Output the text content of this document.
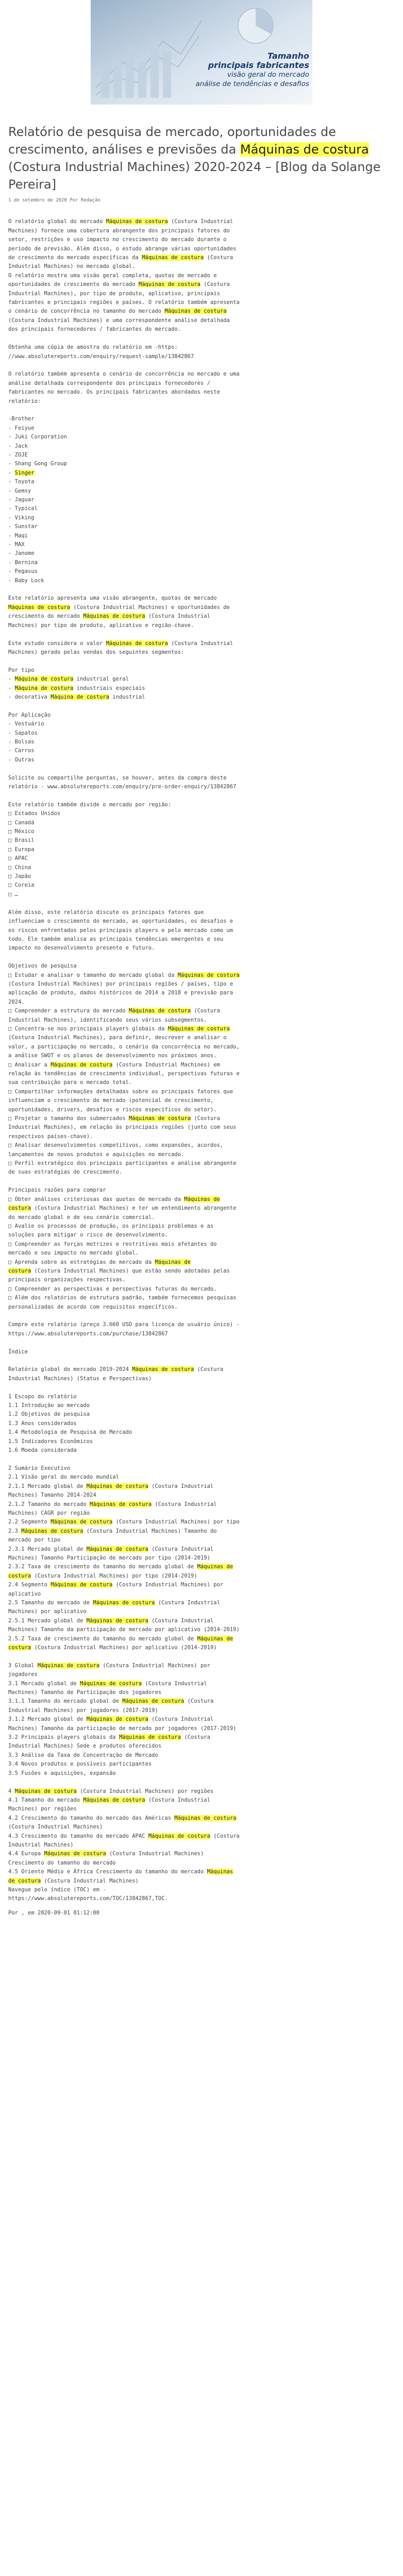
Tamanho
principais fabricantes
visão geral do mercado
análise de tendências e desafios
Relatório de pesquisa de mercado, oportunidades de crescimento, análises e previsões da Máquinas de costura (Costura Industrial Machines) 2020-2024 – [Blog da Solange Pereira]
1 de setembro de 2020 Por Redação
O relatório global do mercado Máquinas de costura (Costura Industrial
Machines) fornece uma cobertura abrangente dos principais fatores do
setor, restrições e uso impacto no crescimento do mercado durante o
período de previsão. Além disso, o estudo abrange várias oportunidades
de crescimento do mercado específicas da Máquinas de costura (Costura
Industrial Machines) no mercado global.
O relatório mostra uma visão geral completa, quotas de mercado e
oportunidades de crescimento do mercado Máquinas de costura (Costura
Industrial Machines), por tipo de produto, aplicativo, principais
fabricantes e principais regiões e países. O relatório também apresenta
o cenário de concorrência no tamanho do mercado Máquinas de costura
(Costura Industrial Machines) e uma correspondente análise detalhada
dos principais fornecedores / fabricantes do mercado.

Obtenha uma cópia de amostra do relatório em -https:
//www.absolutereports.com/enquiry/request-sample/13842867

O relatório também apresenta o cenário de concorrência no mercado e uma
análise detalhada correspondente dos principais fornecedores /
fabricantes no mercado. Os principais fabricantes abordados neste
relatório:

-Brother
- Feiyue
- Juki Corporation
- Jack
- ZOJE
- Shang Gong Group
- Singer
- Toyota
- Gemsy
- Jaguar
- Typical
- Viking
- Sunstar
- Maqi
- MAX
- Janome
- Bernina
- Pegasus
- Baby Lock

Este relatório apresenta uma visão abrangente, quotas de mercado
Máquinas de costura (Costura Industrial Machines) e oportunidades de
crescimento do mercado Máquinas de costura (Costura Industrial
Machines) por tipo de produto, aplicativo e região-chave.

Este estudo considera o valor Máquinas de costura (Costura Industrial
Machines) gerado pelas vendas dos seguintes segmentos:

Por tipo
- Máquina de costura industrial geral
- Máquina de costura industriais especiais
- decorativa Máquina de costura industrial

Por Aplicação
- Vestuário
- Sapatos
- Bolsas
- Carros
- Outras

Solicite ou compartilhe perguntas, se houver, antes da compra deste
relatório - www.absolutereports.com/enquiry/pre-order-enquiry/13842867

Este relatório também divide o mercado por região:
□ Estados Unidos
□ Canadá
□ México
□ Brasil
□ Europa
□ APAC
□ China
□ Japão
□ Coreia
□ …

Além disso, este relatório discute os principais fatores que
influenciam o crescimento do mercado, as oportunidades, os desafios e
os riscos enfrentados pelos principais players e pelo mercado como um
todo. Ele também analisa as principais tendências emergentes e seu
impacto no desenvolvimento presente e futuro.

Objetivos de pesquisa
□ Estudar e analisar o tamanho do mercado global da Máquinas de costura
(Costura Industrial Machines) por principais regiões / países, tipo e
aplicação de produto, dados históricos de 2014 a 2018 e previsão para
2024.
□ Compreender a estrutura do mercado Máquinas de costura (Costura
Industrial Machines), identificando seus vários subsegmentos.
□ Concentra-se nos principais players globais da Máquinas de costura
(Costura Industrial Machines), para definir, descrever e analisar o
valor, a participação no mercado, o cenário da concorrência no mercado,
a análise SWOT e os planos de desenvolvimento nos próximos anos.
□ Analisar a Máquinas de costura (Costura Industrial Machines) em
relação às tendências de crescimento individual, perspectivas futuras e
sua contribuição para o mercado total.
□ Compartilhar informações detalhadas sobre os principais fatores que
influenciam o crescimento do mercado (potencial de crescimento,
oportunidades, drivers, desafios e riscos específicos do setor).
□ Projetar o tamanho dos submercados Máquinas de costura (Costura
Industrial Machines), em relação às principais regiões (junto com seus
respectivos países-chave).
□ Analisar desenvolvimentos competitivos, como expansões, acordos,
lançamentos de novos produtos e aquisições no mercado.
□ Perfil estratégico dos principais participantes e análise abrangente
de suas estratégias de crescimento.

Principais razões para comprar
□ Obter análises criteriosas das quotas de mercado da Máquinas de
costura (Costura Industrial Machines) e ter um entendimento abrangente
do mercado global e de seu cenário comercial.
□ Avalie os processos de produção, os principais problemas e as
soluções para mitigar o risco de desenvolvimento.
□ Compreender as forças motrizes e restritivas mais afetantes do
mercado e seu impacto no mercado global.
□ Aprenda sobre as estratégias de mercado da Máquinas de
costura (Costura Industrial Machines) que estão sendo adotadas pelas
principais organizações respectivas.
□ Compreender as perspectivas e perspectivas futuras do mercado.
□ Além dos relatórios de estrutura padrão, também fornecemos pesquisas
personalizadas de acordo com requisitos específicos.

Compre este relatório (preço 3.660 USD para licença de usuário único) -
https://www.absolutereports.com/purchase/13842867

Índice

Relatório global do mercado 2019-2024 Máquinas de costura (Costura
Industrial Machines) (Status e Perspectivas)

1 Escopo do relatório
1.1 Introdução ao mercado
1.2 Objetivos de pesquisa
1.3 Anos considerados
1.4 Metodologia de Pesquisa de Mercado
1.5 Indicadores Econômicos
1.6 Moeda considerada

2 Sumário Executivo
2.1 Visão geral do mercado mundial
2.1.1 Mercado global de Máquinas de costura (Costura Industrial
Machines) Tamanho 2014-2024
2.1.2 Tamanho do mercado Máquinas de costura (Costura Industrial
Machines) CAGR por região
2.2 Segmento Máquinas de costura (Costura Industrial Machines) por tipo
2.3 Máquinas de costura (Costura Industrial Machines) Tamanho do
mercado por tipo
2.3.1 Mercado global de Máquinas de costura (Costura Industrial
Machines) Tamanho Participação de mercado por tipo (2014-2019)
2.3.2 Taxa de crescimento do tamanho do mercado global de Máquinas de
costura (Costura Industrial Machines) por tipo (2014-2019)
2.4 Segmento Máquinas de costura (Costura Industrial Machines) por
aplicativo
2.5 Tamanho do mercado de Máquinas de costura (Costura Industrial
Machines) por aplicativo
2.5.1 Mercado global de Máquinas de costura (Costura Industrial
Machines) Tamanho da participação de mercado por aplicativo (2014-2019)
2.5.2 Taxa de crescimento do tamanho do mercado global de Máquinas de
costura (Costura Industrial Machines) por aplicativo (2014-2019)

3 Global Máquinas de costura (Costura Industrial Machines) por
jogadores
3.1 Mercado global de Máquinas de costura (Costura Industrial
Machines) Tamanho de Participação dos jogadores
3.1.1 Tamanho do mercado global de Máquinas de costura (Costura
Industrial Machines) por jogadores (2017-2019)
3.1.2 Mercado global de Máquinas de costura (Costura Industrial
Machines) Tamanho da participação de mercado por jogadores (2017-2019)
3.2 Principais players globais da Máquinas de costura (Costura
Industrial Machines) Sede e produtos oferecidos
3.3 Análise da Taxa de Concentração de Mercado
3.4 Novos produtos e possíveis participantes
3.5 Fusões e aquisições, expansão

4 Máquinas de costura (Costura Industrial Machines) por regiões
4.1 Tamanho do mercado Máquinas de costura (Costura Industrial
Machines) por regiões
4.2 Crescimento do tamanho do mercado das Américas Máquinas de costura
(Costura Industrial Machines)
4.3 Crescimento do tamanho do mercado APAC Máquinas de costura (Costura
Industrial Machines)
4.4 Europa Máquinas de costura (Costura Industrial Machines)
Crescimento do tamanho do mercado
4.5 Oriente Médio e África Crescimento do tamanho do mercado Máquinas
de costura (Costura Industrial Machines)
Navegue pelo índice (TOC) em -
https://www.absolutereports.com/TOC/13842867,TOC.
Por , em 2020-09-01 01:12:00
